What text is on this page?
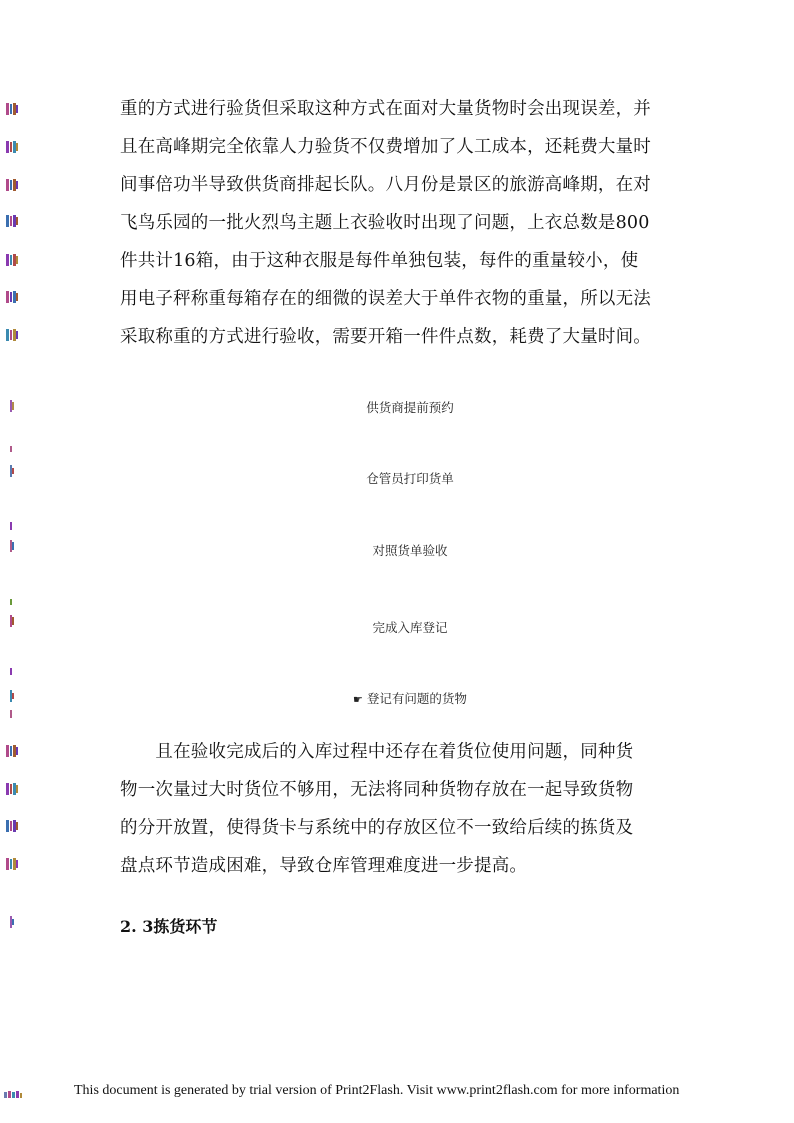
重的方式进行验货但采取这种方式在面对大量货物时会出现误差，并
且在高峰期完全依靠人力验货不仅费增加了人工成本，还耗费大量时
间事倍功半导致供货商排起长队。八月份是景区的旅游高峰期，在对
飞鸟乐园的一批火烈鸟主题上衣验收时出现了问题，上衣总数是800
件共计16箱，由于这种衣服是每件单独包装，每件的重量较小，使
用电子秤称重每箱存在的细微的误差大于单件衣物的重量，所以无法
采取称重的方式进行验收，需要开箱一件件点数，耗费了大量时间。
供货商提前预约
仓管员打印货单
对照货单验收
完成入库登记
☛ 登记有问题的货物
　　且在验收完成后的入库过程中还存在着货位使用问题，同种货
物一次量过大时货位不够用，无法将同种货物存放在一起导致货物
的分开放置，使得货卡与系统中的存放区位不一致给后续的拣货及
盘点环节造成困难，导致仓库管理难度进一步提高。
2. 3拣货环节
This document is generated by trial version of Print2Flash. Visit www.print2flash.com for more information
